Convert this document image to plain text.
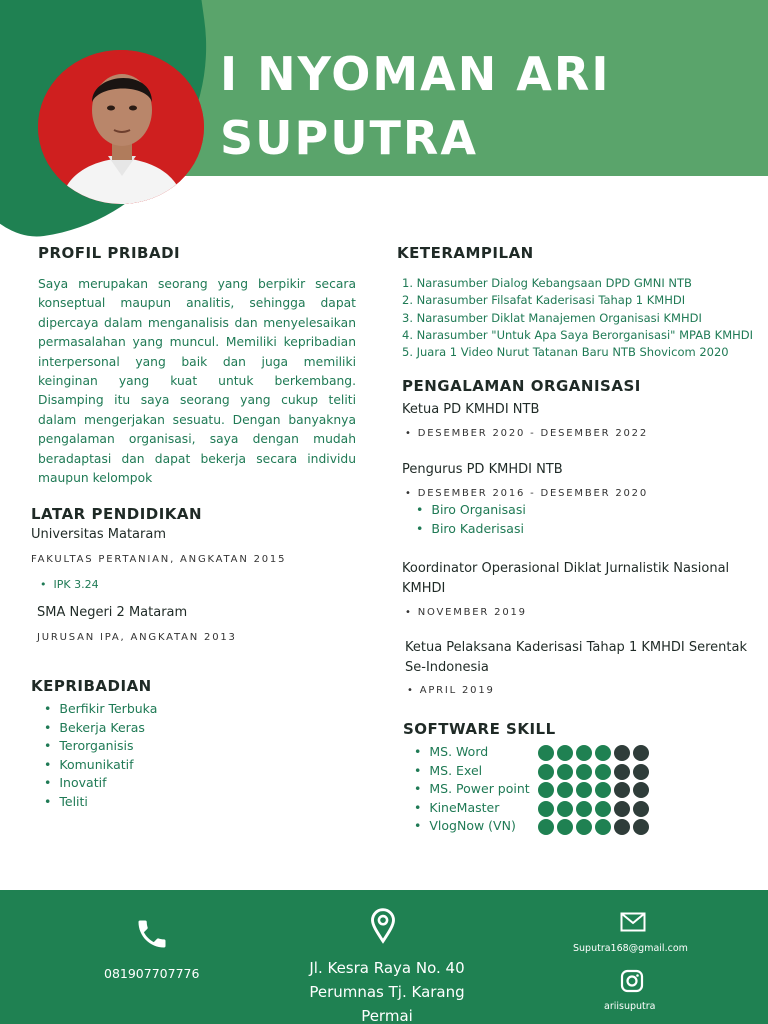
I NYOMAN ARI
SUPUTRA
PROFIL PRIBADI
Saya merupakan seorang yang berpikir secara konseptual maupun analitis, sehingga dapat dipercaya dalam menganalisis dan menyelesaikan permasalahan yang muncul. Memiliki kepribadian interpersonal yang baik dan juga memiliki keinginan yang kuat untuk berkembang. Disamping itu saya seorang yang cukup teliti dalam mengerjakan sesuatu. Dengan banyaknya pengalaman organisasi, saya dengan mudah beradaptasi dan dapat bekerja secara individu maupun kelompok
LATAR PENDIDIKAN
Universitas Mataram
FAKULTAS PERTANIAN, ANGKATAN 2015
•  IPK 3.24
SMA Negeri 2 Mataram
JURUSAN IPA, ANGKATAN 2013
KEPRIBADIAN
• Berfikir Terbuka
• Bekerja Keras
• Terorganisis
• Komunikatif
• Inovatif
• Teliti
KETERAMPILAN
1. Narasumber Dialog Kebangsaan DPD GMNI NTB
2. Narasumber Filsafat Kaderisasi Tahap 1 KMHDI
3. Narasumber Diklat Manajemen Organisasi KMHDI
4. Narasumber "Untuk Apa Saya Berorganisasi" MPAB KMHDI
5. Juara 1 Video Nurut Tatanan Baru NTB Shovicom 2020
PENGALAMAN ORGANISASI
Ketua PD KMHDI NTB
• DESEMBER 2020 - DESEMBER 2022
Pengurus PD KMHDI NTB
• DESEMBER 2016 - DESEMBER 2020
• Biro Organisasi
• Biro Kaderisasi
Koordinator Operasional Diklat Jurnalistik Nasional
KMHDI
• NOVEMBER 2019
Ketua Pelaksana Kaderisasi Tahap 1 KMHDI Serentak
Se-Indonesia
• APRIL 2019
SOFTWARE SKILL
• MS. Word
• MS. Exel
• MS. Power point
• KineMaster
• VlogNow (VN)
081907707776	Jl. Kesra Raya No. 40
Perumnas Tj. Karang
Permai
Suputra168@gmail.com
ariisuputra
